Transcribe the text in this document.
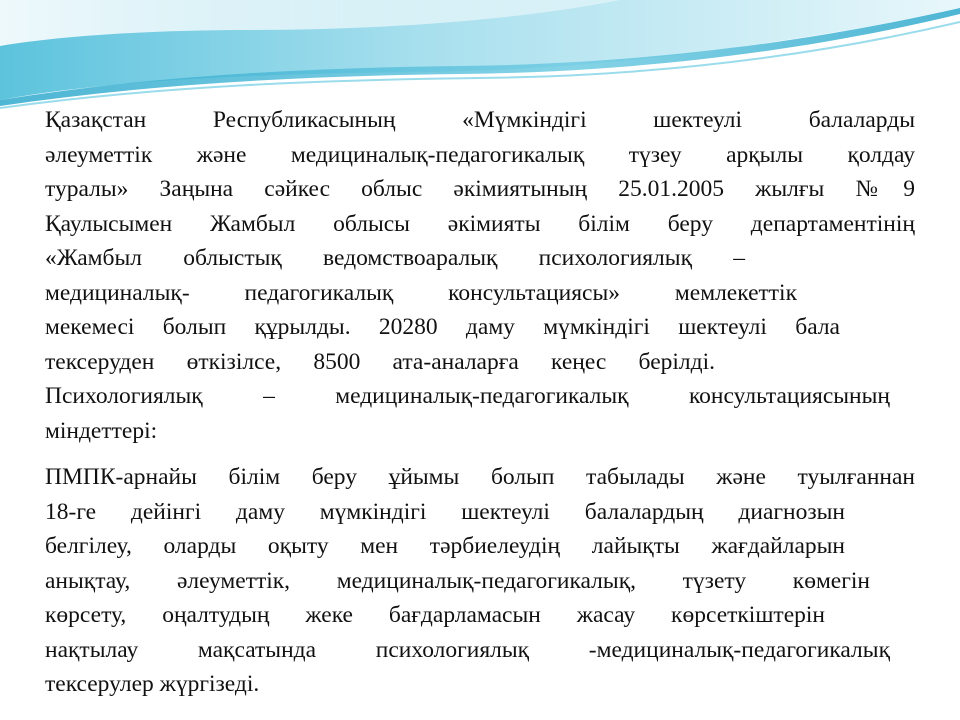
Қазақстан Республикасының «Мүмкіндігі шектеулі балаларды
әлеуметтік және медициналық-педагогикалық түзеу арқылы қолдау
туралы» Заңына сәйкес облыс әкімиятының 25.01.2005 жылғы №9
Қаулысымен Жамбыл облысы әкімияты білім беру департаментінің
«Жамбыл облыстық ведомствоаралық психологиялық –
медициналық- педагогикалық консультациясы» мемлекеттік
мекемесі болып құрылды. 20280 даму мүмкіндігі шектеулі бала
тексеруден өткізілсе, 8500 ата-аналарға кеңес берілді.
Психологиялық – медициналық-педагогикалық консультациясының
міндеттері:
ПМПК-арнайы білім беру ұйымы болып табылады және туылғаннан
18-ге дейінгі даму мүмкіндігі шектеулі балалардың диагнозын
белгілеу, оларды оқыту мен тәрбиелеудің лайықты жағдайларын
анықтау, әлеуметтік, медициналық-педагогикалық, түзету көмегін
көрсету, оңалтудың жеке бағдарламасын жасау көрсеткіштерін
нақтылау мақсатында психологиялық -медициналық-педагогикалық
тексерулер жүргізеді.
